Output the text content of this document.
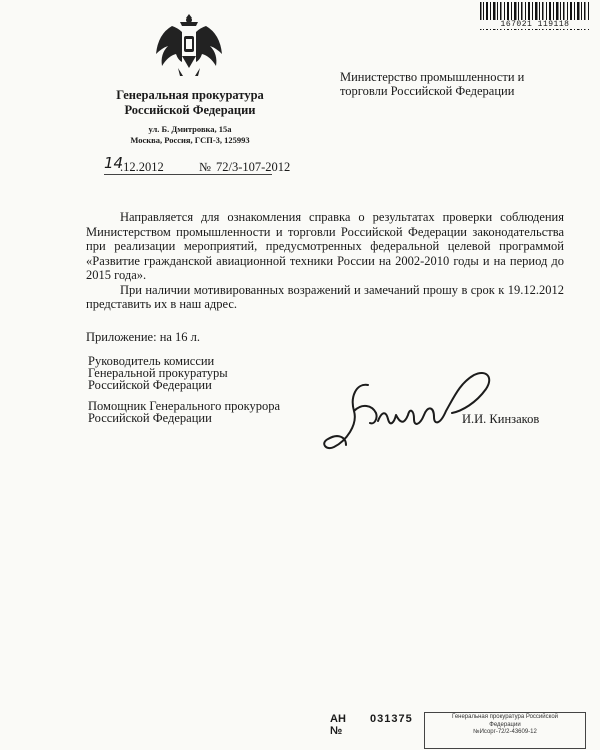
167021 119118
Генеральная прокуратура
Российской Федерации
ул. Б. Дмитровка, 15а
Москва, Россия, ГСП-3, 125993
Министерство промышленности и
торговли Российской Федерации
14
.12.2012	№ 72/3-107-2012

Направляется для ознакомления справка о результатах проверки соблюдения Министерством промышленности и торговли Российской Федерации законодательства при реализации мероприятий, предусмотренных федеральной целевой программой «Развитие гражданской авиационной техники России на 2002-2010 годы и на период до 2015 года».

При наличии мотивированных возражений и замечаний прошу в срок к 19.12.2012 представить их в наш адрес.

Приложение: на 16 л.
Руководитель комиссии
Генеральной прокуратуры
Российской Федерации
Помощник Генерального прокурора
Российской Федерации	И.И. Кинзаков
АН №
031375	Генеральная прокуратура Российской
Федерации
№Исорг-72/2-43609-12
